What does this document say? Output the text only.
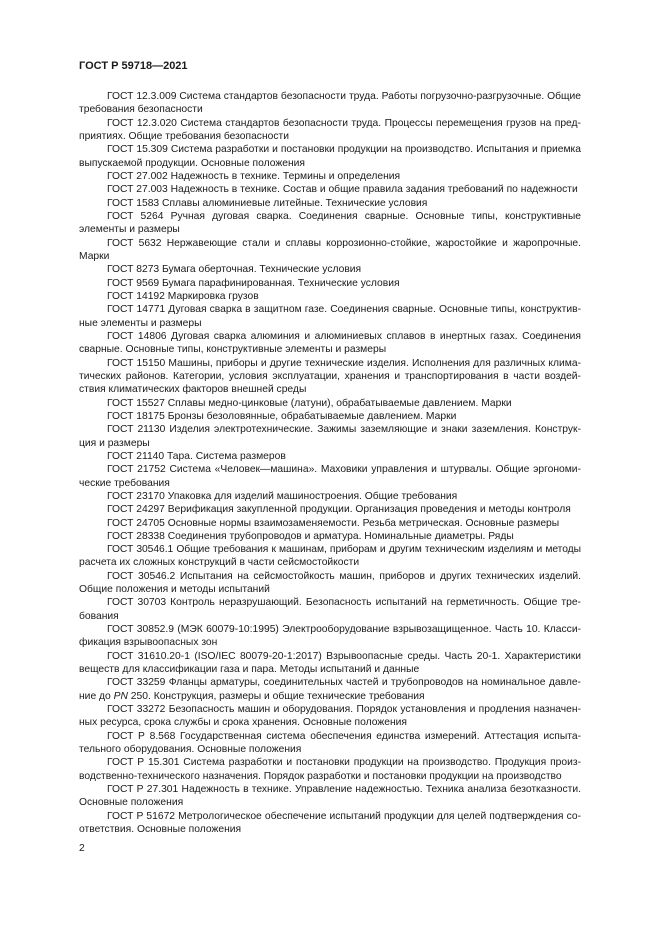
ГОСТ Р 59718—2021
ГОСТ 12.3.009 Система стандартов безопасности труда. Работы погрузочно-разгрузочные. Общие
требования безопасности
ГОСТ 12.3.020 Система стандартов безопасности труда. Процессы перемещения грузов на пред-
приятиях. Общие требования безопасности
ГОСТ 15.309 Система разработки и постановки продукции на производство. Испытания и приемка
выпускаемой продукции. Основные положения
ГОСТ 27.002 Надежность в технике. Термины и определения
ГОСТ 27.003 Надежность в технике. Состав и общие правила задания требований по надежности
ГОСТ 1583 Сплавы алюминиевые литейные. Технические условия
ГОСТ 5264 Ручная дуговая сварка. Соединения сварные. Основные типы, конструктивные
элементы и размеры
ГОСТ 5632 Нержавеющие стали и сплавы коррозионно-стойкие, жаростойкие и жаропрочные.
Марки
ГОСТ 8273 Бумага оберточная. Технические условия
ГОСТ 9569 Бумага парафинированная. Технические условия
ГОСТ 14192 Маркировка грузов
ГОСТ 14771 Дуговая сварка в защитном газе. Соединения сварные. Основные типы, конструктив-
ные элементы и размеры
ГОСТ 14806 Дуговая сварка алюминия и алюминиевых сплавов в инертных газах. Соединения
сварные. Основные типы, конструктивные элементы и размеры
ГОСТ 15150 Машины, приборы и другие технические изделия. Исполнения для различных клима-
тических районов. Категории, условия эксплуатации, хранения и транспортирования в части воздей-
ствия климатических факторов внешней среды
ГОСТ 15527 Сплавы медно-цинковые (латуни), обрабатываемые давлением. Марки
ГОСТ 18175 Бронзы безоловянные, обрабатываемые давлением. Марки
ГОСТ 21130 Изделия электротехнические. Зажимы заземляющие и знаки заземления. Конструк-
ция и размеры
ГОСТ 21140 Тара. Система размеров
ГОСТ 21752 Система «Человек—машина». Маховики управления и штурвалы. Общие эргономи-
ческие требования
ГОСТ 23170 Упаковка для изделий машиностроения. Общие требования
ГОСТ 24297 Верификация закупленной продукции. Организация проведения и методы контроля
ГОСТ 24705 Основные нормы взаимозаменяемости. Резьба метрическая. Основные размеры
ГОСТ 28338 Соединения трубопроводов и арматура. Номинальные диаметры. Ряды
ГОСТ 30546.1 Общие требования к машинам, приборам и другим техническим изделиям и методы
расчета их сложных конструкций в части сейсмостойкости
ГОСТ 30546.2 Испытания на сейсмостойкость машин, приборов и других технических изделий.
Общие положения и методы испытаний
ГОСТ 30703 Контроль неразрушающий. Безопасность испытаний на герметичность. Общие тре-
бования
ГОСТ 30852.9 (МЭК 60079-10:1995) Электрооборудование взрывозащищенное. Часть 10. Класси-
фикация взрывоопасных зон
ГОСТ 31610.20-1 (ISO/IEC 80079-20-1:2017) Взрывоопасные среды. Часть 20-1. Характеристики
веществ для классификации газа и пара. Методы испытаний и данные
ГОСТ 33259 Фланцы арматуры, соединительных частей и трубопроводов на номинальное давле-
ние до PN 250. Конструкция, размеры и общие технические требования
ГОСТ 33272 Безопасность машин и оборудования. Порядок установления и продления назначен-
ных ресурса, срока службы и срока хранения. Основные положения
ГОСТ Р 8.568 Государственная система обеспечения единства измерений. Аттестация испыта-
тельного оборудования. Основные положения
ГОСТ Р 15.301 Система разработки и постановки продукции на производство. Продукция произ-
водственно-технического назначения. Порядок разработки и постановки продукции на производство
ГОСТ Р 27.301 Надежность в технике. Управление надежностью. Техника анализа безотказности.
Основные положения
ГОСТ Р 51672 Метрологическое обеспечение испытаний продукции для целей подтверждения со-
ответствия. Основные положения
2
